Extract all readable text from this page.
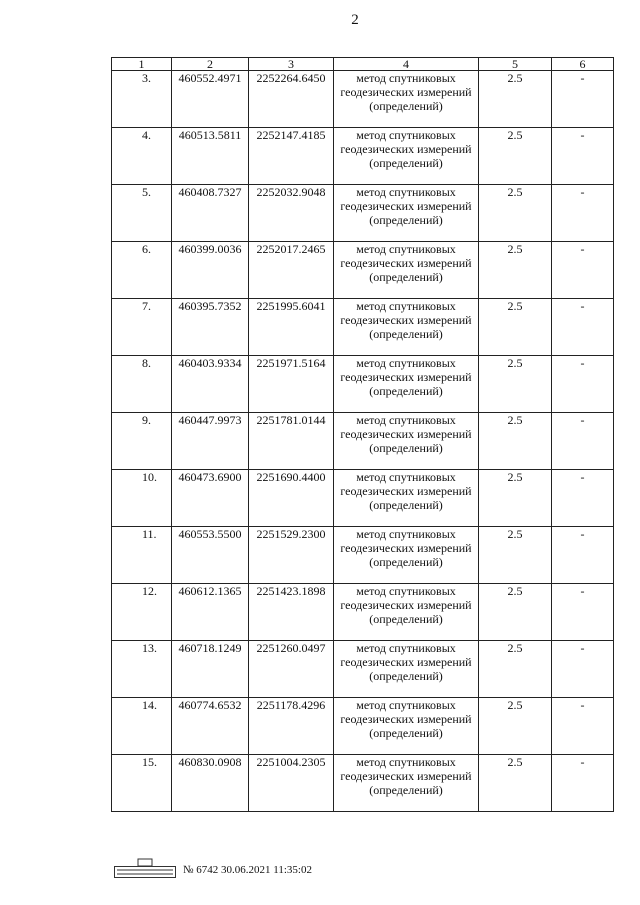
2
1	2	3	4	5	6
3.	460552.4971	2252264.6450	метод спутниковых геодезических измерений (определений)	2.5	-
4.	460513.5811	2252147.4185	метод спутниковых геодезических измерений (определений)	2.5	-
5.	460408.7327	2252032.9048	метод спутниковых геодезических измерений (определений)	2.5	-
6.	460399.0036	2252017.2465	метод спутниковых геодезических измерений (определений)	2.5	-
7.	460395.7352	2251995.6041	метод спутниковых геодезических измерений (определений)	2.5	-
8.	460403.9334	2251971.5164	метод спутниковых геодезических измерений (определений)	2.5	-
9.	460447.9973	2251781.0144	метод спутниковых геодезических измерений (определений)	2.5	-
10.	460473.6900	2251690.4400	метод спутниковых геодезических измерений (определений)	2.5	-
11.	460553.5500	2251529.2300	метод спутниковых геодезических измерений (определений)	2.5	-
12.	460612.1365	2251423.1898	метод спутниковых геодезических измерений (определений)	2.5	-
13.	460718.1249	2251260.0497	метод спутниковых геодезических измерений (определений)	2.5	-
14.	460774.6532	2251178.4296	метод спутниковых геодезических измерений (определений)	2.5	-
15.	460830.0908	2251004.2305	метод спутниковых геодезических измерений (определений)	2.5	-
№ 6742 30.06.2021 11:35:02
